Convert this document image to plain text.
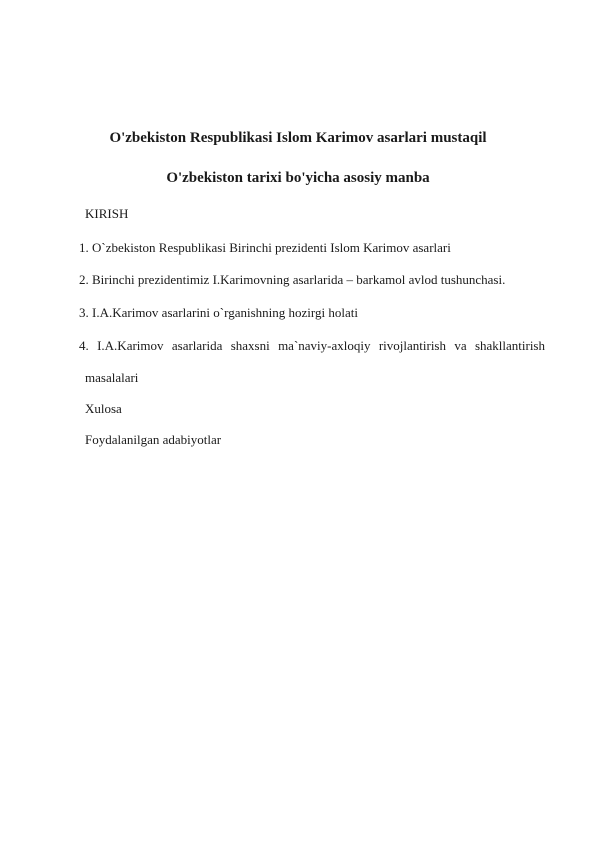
O'zbekiston Respublikasi Islom Karimov asarlari mustaqil
O'zbekiston tarixi bo'yicha asosiy manba
KIRISH
1. O`zbekiston Respublikasi Birinchi prezidenti Islom Karimov asarlari
2. Birinchi prezidentimiz I.Karimovning asarlarida – barkamol avlod tushunchasi.
3. I.A.Karimov asarlarini o`rganishning hozirgi holati
4. I.A.Karimov asarlarida shaxsni ma`naviy-axloqiy rivojlantirish va shakllantirish
masalalari
Xulosa
Foydalanilgan adabiyotlar
